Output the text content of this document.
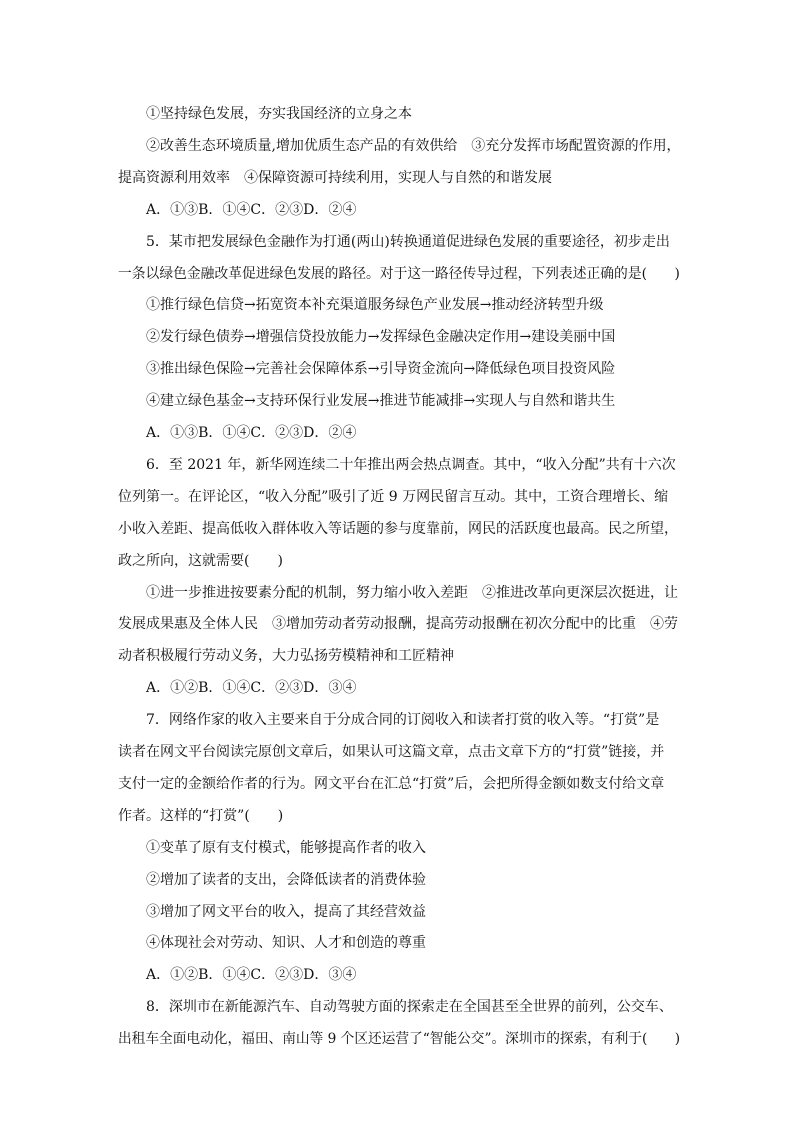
①坚持绿色发展，夯实我国经济的立身之本
②改善生态环境质量,增加优质生态产品的有效供给　③充分发挥市场配置资源的作用，
提高资源利用效率　④保障资源可持续利用，实现人与自然的和谐发展
A．①③B．①④C．②③D．②④
5．某市把发展绿色金融作为打通(两山)转换通道促进绿色发展的重要途径，初步走出
一条以绿色金融改革促进绿色发展的路径。对于这一路径传导过程，下列表述正确的是(　　)
①推行绿色信贷→拓宽资本补充渠道服务绿色产业发展→推动经济转型升级
②发行绿色债券→增强信贷投放能力→发挥绿色金融决定作用→建设美丽中国
③推出绿色保险→完善社会保障体系→引导资金流向→降低绿色项目投资风险
④建立绿色基金→支持环保行业发展→推进节能减排→实现人与自然和谐共生
A．①③B．①④C．②③D．②④
6．至 2021 年，新华网连续二十年推出两会热点调查。其中，“收入分配”共有十六次
位列第一。在评论区，“收入分配”吸引了近 9 万网民留言互动。其中，工资合理增长、缩
小收入差距、提高低收入群体收入等话题的参与度靠前，网民的活跃度也最高。民之所望，
政之所向，这就需要(　　)
①进一步推进按要素分配的机制，努力缩小收入差距　②推进改革向更深层次挺进，让
发展成果惠及全体人民　③增加劳动者劳动报酬，提高劳动报酬在初次分配中的比重　④劳
动者积极履行劳动义务，大力弘扬劳模精神和工匠精神
A．①②B．①④C．②③D．③④
7．网络作家的收入主要来自于分成合同的订阅收入和读者打赏的收入等。“打赏”是
读者在网文平台阅读完原创文章后，如果认可这篇文章，点击文章下方的“打赏”链接，并
支付一定的金额给作者的行为。网文平台在汇总“打赏”后，会把所得金额如数支付给文章
作者。这样的“打赏”(　　)
①变革了原有支付模式，能够提高作者的收入
②增加了读者的支出，会降低读者的消费体验
③增加了网文平台的收入，提高了其经营效益
④体现社会对劳动、知识、人才和创造的尊重
A．①②B．①④C．②③D．③④
8．深圳市在新能源汽车、自动驾驶方面的探索走在全国甚至全世界的前列，公交车、
出租车全面电动化，福田、南山等 9 个区还运营了“智能公交”。深圳市的探索，有利于(　　)
